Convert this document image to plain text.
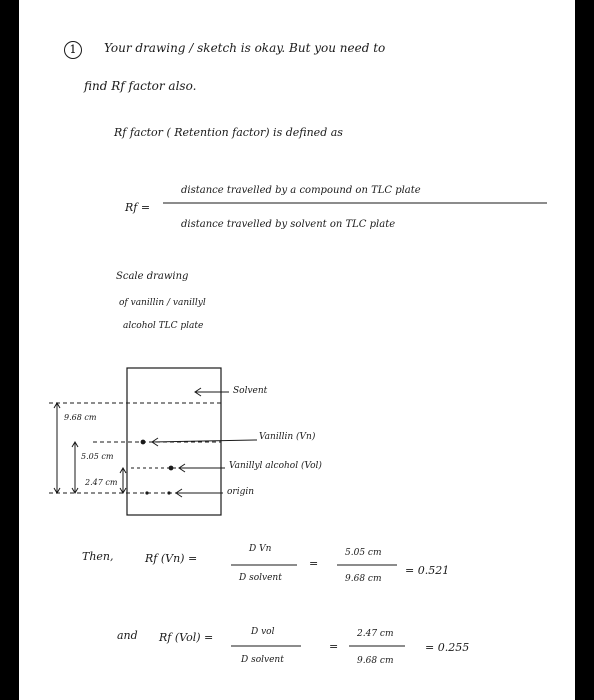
1	Your drawing / sketch is okay. But you need to
find Rf factor also.
Rf factor ( Retention factor) is defined as
Rf =
distance travelled by a compound on TLC plate
distance travelled by solvent on TLC plate
Scale drawing
of vanillin / vanillyl
alcohol TLC plate
9.68 cm
5.05 cm
2.47 cm
Solvent
Vanillin (Vn)
Vanillyl alcohol (Vol)
origin
Then,	Rf (Vn) =
D Vn
D solvent
=
5.05 cm
9.68 cm
= 0.521
and Rf (Vol) =	D vol
D solvent
=
2.47 cm
9.68 cm
= 0.255
